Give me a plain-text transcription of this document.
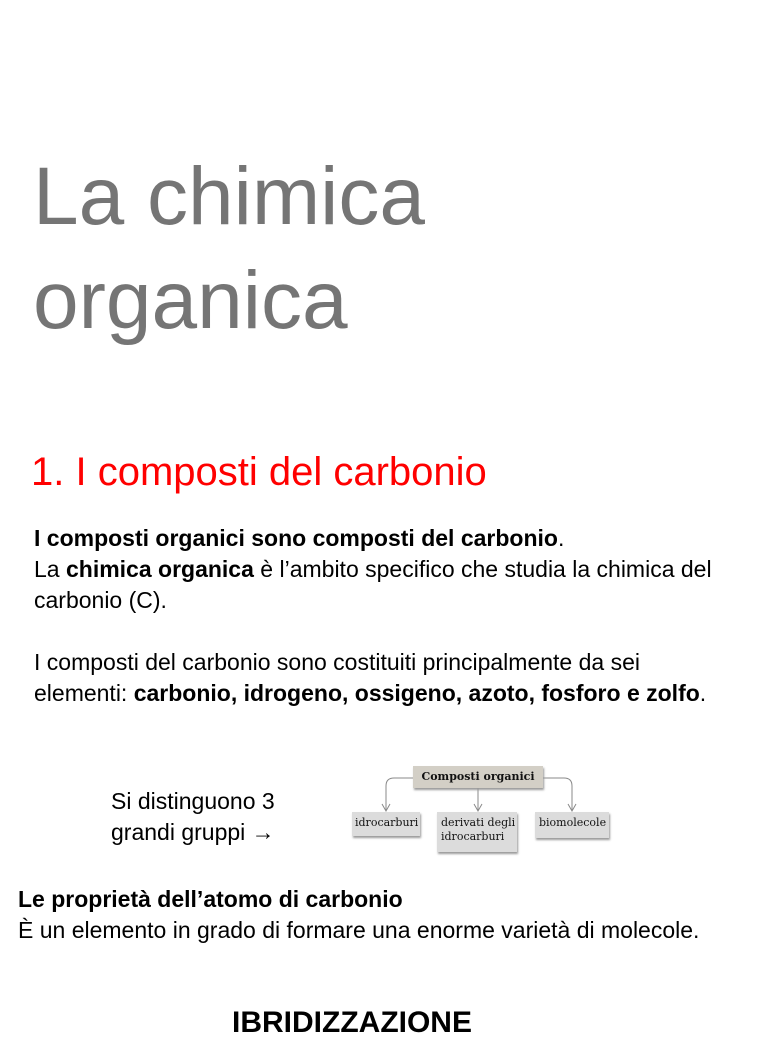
La chimica
organica
1. I composti del carbonio

I composti organici sono composti del carbonio.
La chimica organica è l’ambito specifico che studia la chimica del carbonio (C).

I composti del carbonio sono costituiti principalmente da sei elementi: carbonio, idrogeno, ossigeno, azoto, fosforo e zolfo.

Si distinguono 3
grandi gruppi →

Composti organici
idrocarburi derivati degli
idrocarburi
biomolecole
Le proprietà dell’atomo di carbonio

È un elemento in grado di formare una enorme varietà di molecole.

IBRIDIZZAZIONE
